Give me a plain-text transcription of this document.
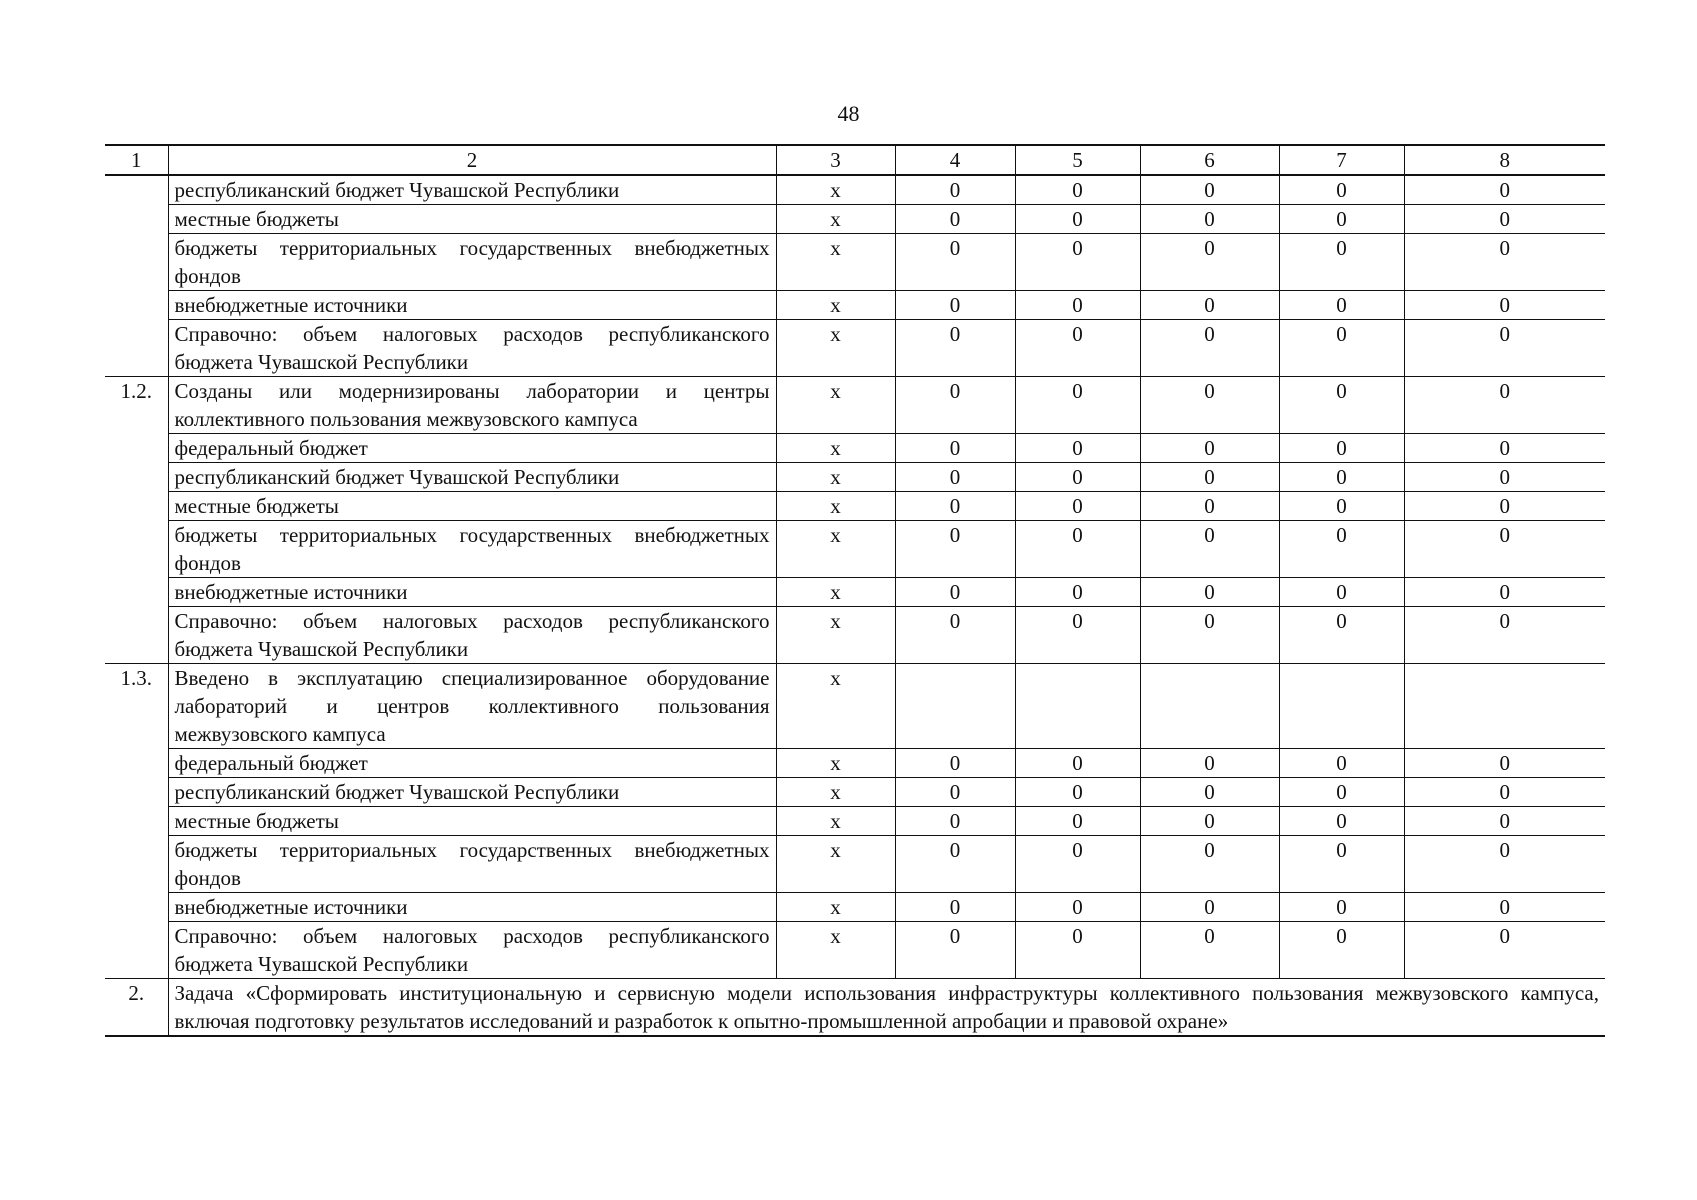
48
1	2	3	4	5	6	7	8
	республиканский бюджет Чувашской Республики	х	0	0	0	0	0
	местные бюджеты	х	0	0	0	0	0
	бюджеты территориальных государственных внебюджетных фондов	х	0	0	0	0	0
	внебюджетные источники	х	0	0	0	0	0
	Справочно: объем налоговых расходов республиканского бюджета Чувашской Республики	х	0	0	0	0	0
1.2.	Созданы или модернизированы лаборатории и центры коллективного пользования межвузовского кампуса	х	0	0	0	0	0
	федеральный бюджет	х	0	0	0	0	0
	республиканский бюджет Чувашской Республики	х	0	0	0	0	0
	местные бюджеты	х	0	0	0	0	0
	бюджеты территориальных государственных внебюджетных фондов	х	0	0	0	0	0
	внебюджетные источники	х	0	0	0	0	0
	Справочно: объем налоговых расходов республиканского бюджета Чувашской Республики	х	0	0	0	0	0
1.3.	Введено в эксплуатацию специализированное оборудование лабораторий и центров коллективного пользования межвузовского кампуса	х					
	федеральный бюджет	х	0	0	0	0	0
	республиканский бюджет Чувашской Республики	х	0	0	0	0	0
	местные бюджеты	х	0	0	0	0	0
	бюджеты территориальных государственных внебюджетных фондов	х	0	0	0	0	0
	внебюджетные источники	х	0	0	0	0	0
	Справочно: объем налоговых расходов республиканского бюджета Чувашской Республики	х	0	0	0	0	0
2.	Задача «Сформировать институциональную и сервисную модели использования инфраструктуры коллективного пользования межвузовского кампуса, включая подготовку результатов исследований и разработок к опытно-промышленной апробации и правовой охране»						
